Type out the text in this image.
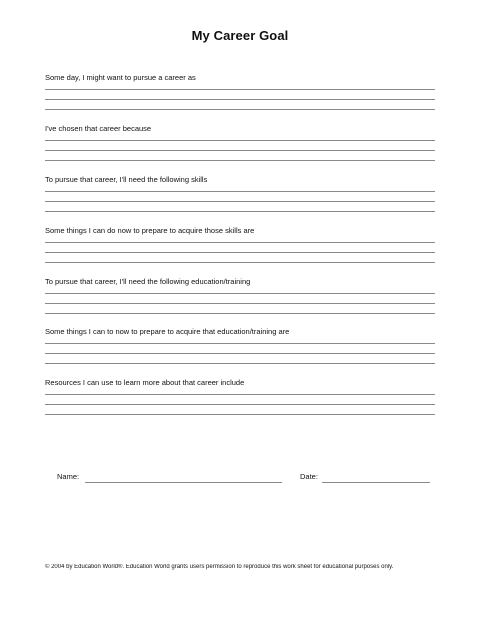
My Career Goal
Some day, I might want to pursue a career as
I've chosen that career because
To pursue that career, I'll need the following skills
Some things I can do now to prepare to acquire those skills are
To pursue that career, I'll need the following education/training
Some things I can to now to prepare to acquire that education/training are
Resources I can use to learn more about that career include
Name:	Date:
© 2004 by Education World®. Education World grants users permission to reproduce this work sheet for educational purposes only.
